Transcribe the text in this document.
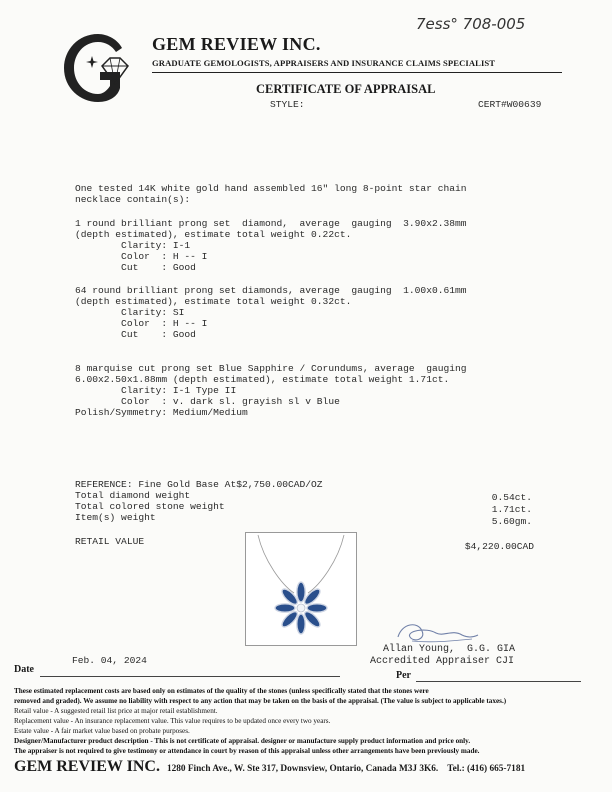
7ess° 708-005
GEM REVIEW INC.
GRADUATE GEMOLOGISTS, APPRAISERS AND INSURANCE CLAIMS SPECIALIST
CERTIFICATE OF APPRAISAL
STYLE:	CERT#W00639
One tested 14K white gold hand assembled 16" long 8-point star chain
necklace contain(s):
1 round brilliant prong set  diamond,  average  gauging  3.90x2.38mm
(depth estimated), estimate total weight 0.22ct.
Clarity: I-1
Color  : H -- I
Cut    : Good
64 round brilliant prong set diamonds, average  gauging  1.00x0.61mm
(depth estimated), estimate total weight 0.32ct.
Clarity: SI
Color  : H -- I
Cut    : Good
8 marquise cut prong set Blue Sapphire / Corundums, average  gauging
6.00x2.50x1.88mm (depth estimated), estimate total weight 1.71ct.
Clarity: I-1 Type II
Color  : v. dark sl. grayish sl v Blue
Polish/Symmetry: Medium/Medium
REFERENCE: Fine Gold Base At$2,750.00CAD/OZ
Total diamond weight
Total colored stone weight
Item(s) weight
0.54ct.
1.71ct.
5.60gm.
RETAIL VALUE	$4,220.00CAD
Feb. 04, 2024
Date
Allan Young,  G.G. GIA
Accredited Appraiser CJI
Per
These estimated replacement costs are based only on estimates of the quality of the stones (unless specifically stated that the stones were
removed and graded). We assume no liability with respect to any action that may be taken on the basis of the appraisal. (The value is subject to applicable taxes.)
Retail value - A suggested retail list price at major retail establishment.
Replacement value - An insurance replacement value. This value requires to be updated once every two years.
Estate value - A fair market value based on probate purposes.
Designer/Manufacturer product description - This is not certificate of appraisal. designer or manufacture supply product information and price only.
The appraiser is not required to give testimony or attendance in court by reason of this appraisal unless other arrangements have been previously made.
GEM REVIEW INC. 1280 Finch Ave., W. Ste 317, Downsview, Ontario, Canada M3J 3K6. Tel.: (416) 665-7181
